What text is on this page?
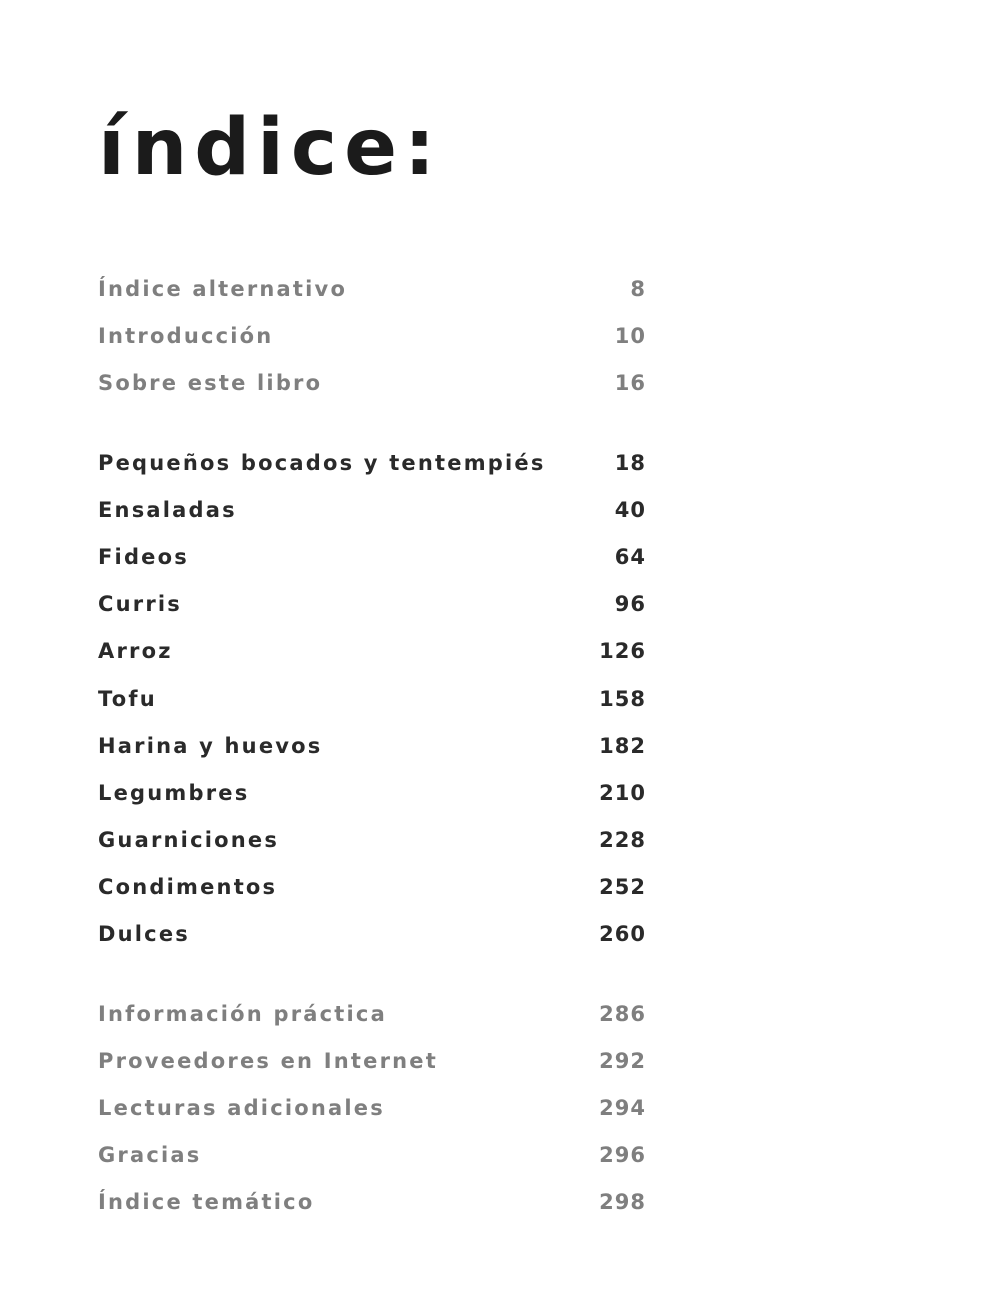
índice:
Índice alternativo	8
Introducción	10
Sobre este libro	16
Pequeños bocados y tentempiés	18
Ensaladas	40
Fideos	64
Curris	96
Arroz	126
Tofu	158
Harina y huevos	182
Legumbres	210
Guarniciones	228
Condimentos	252
Dulces	260
Información práctica	286
Proveedores en Internet	292
Lecturas adicionales	294
Gracias	296
Índice temático	298
